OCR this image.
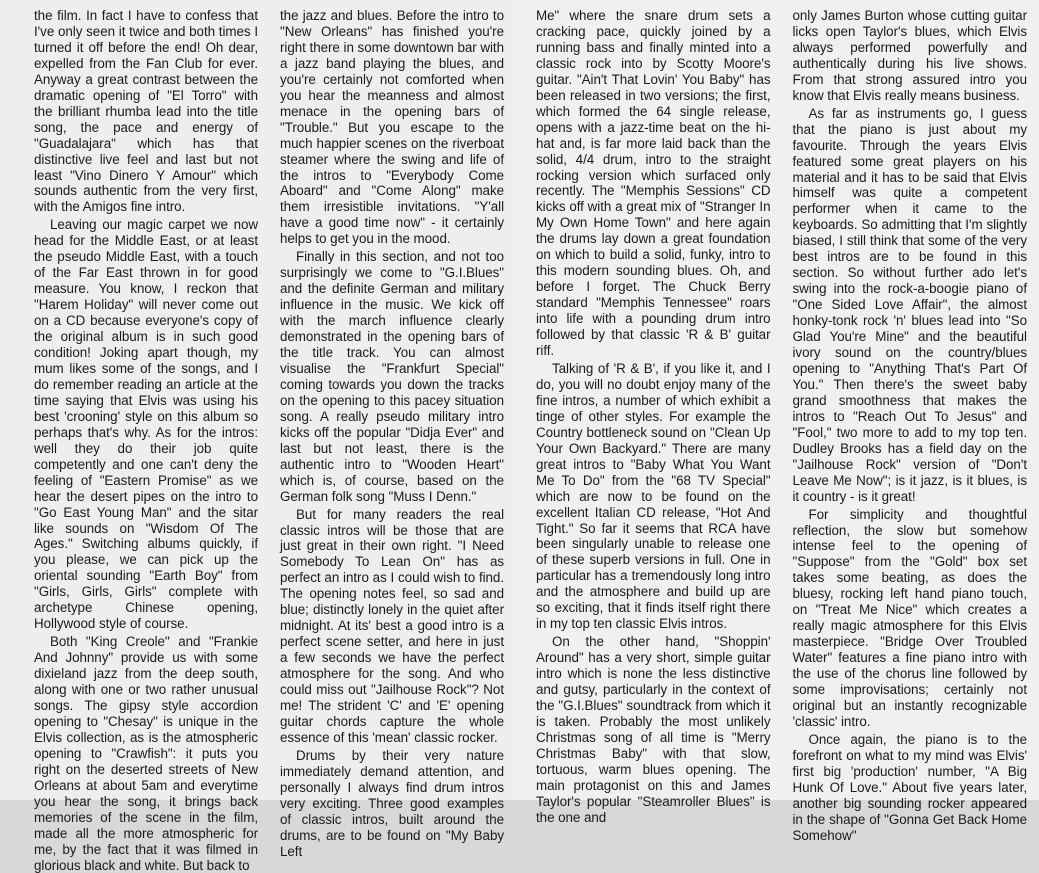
the film. In fact I have to confess that I've only seen it twice and both times I turned it off before the end! Oh dear, expelled from the Fan Club for ever. Anyway a great contrast between the dramatic opening of "El Torro" with the brilliant rhumba lead into the title song, the pace and energy of "Guadalajara" which has that distinctive live feel and last but not least "Vino Dinero Y Amour" which sounds authentic from the very first, with the Amigos fine intro.

Leaving our magic carpet we now head for the Middle East, or at least the pseudo Middle East, with a touch of the Far East thrown in for good measure. You know, I reckon that "Harem Holiday" will never come out on a CD because everyone's copy of the original album is in such good condition! Joking apart though, my mum likes some of the songs, and I do remember reading an article at the time saying that Elvis was using his best 'crooning' style on this album so perhaps that's why. As for the intros: well they do their job quite competently and one can't deny the feeling of "Eastern Promise" as we hear the desert pipes on the intro to "Go East Young Man" and the sitar like sounds on "Wisdom Of The Ages." Switching albums quickly, if you please, we can pick up the oriental sounding "Earth Boy" from "Girls, Girls, Girls" complete with archetype Chinese opening, Hollywood style of course.

Both "King Creole" and "Frankie And Johnny" provide us with some dixieland jazz from the deep south, along with one or two rather unusual songs. The gipsy style accordion opening to "Chesay" is unique in the Elvis collection, as is the atmospheric opening to "Crawfish": it puts you right on the deserted streets of New Orleans at about 5am and everytime you hear the song, it brings back memories of the scene in the film, made all the more atmospheric for me, by the fact that it was filmed in glorious black and white. But back to

the jazz and blues. Before the intro to "New Orleans" has finished you're right there in some downtown bar with a jazz band playing the blues, and you're certainly not comforted when you hear the meanness and almost menace in the opening bars of "Trouble." But you escape to the much happier scenes on the riverboat steamer where the swing and life of the intros to "Everybody Come Aboard" and "Come Along" make them irresistible invitations. "Y'all have a good time now" - it certainly helps to get you in the mood.

Finally in this section, and not too surprisingly we come to "G.I.Blues" and the definite German and military influence in the music. We kick off with the march influence clearly demonstrated in the opening bars of the title track. You can almost visualise the "Frankfurt Special" coming towards you down the tracks on the opening to this pacey situation song. A really pseudo military intro kicks off the popular "Didja Ever" and last but not least, there is the authentic intro to "Wooden Heart" which is, of course, based on the German folk song "Muss I Denn."

But for many readers the real classic intros will be those that are just great in their own right. "I Need Somebody To Lean On" has as perfect an intro as I could wish to find. The opening notes feel, so sad and blue; distinctly lonely in the quiet after midnight. At its' best a good intro is a perfect scene setter, and here in just a few seconds we have the perfect atmosphere for the song. And who could miss out "Jailhouse Rock"? Not me! The strident 'C' and 'E' opening guitar chords capture the whole essence of this 'mean' classic rocker.

Drums by their very nature immediately demand attention, and personally I always find drum intros very exciting. Three good examples of classic intros, built around the drums, are to be found on "My Baby Left

Me" where the snare drum sets a cracking pace, quickly joined by a running bass and finally minted into a classic rock into by Scotty Moore's guitar. "Ain't That Lovin' You Baby" has been released in two versions; the first, which formed the 64 single release, opens with a jazz-time beat on the hi-hat and, is far more laid back than the solid, 4/4 drum, intro to the straight rocking version which surfaced only recently. The "Memphis Sessions" CD kicks off with a great mix of "Stranger In My Own Home Town" and here again the drums lay down a great foundation on which to build a solid, funky, intro to this modern sounding blues. Oh, and before I forget. The Chuck Berry standard "Memphis Tennessee" roars into life with a pounding drum intro followed by that classic 'R & B' guitar riff.

Talking of 'R & B', if you like it, and I do, you will no doubt enjoy many of the fine intros, a number of which exhibit a tinge of other styles. For example the Country bottleneck sound on "Clean Up Your Own Backyard." There are many great intros to "Baby What You Want Me To Do" from the "68 TV Special" which are now to be found on the excellent Italian CD release, "Hot And Tight." So far it seems that RCA have been singularly unable to release one of these superb versions in full. One in particular has a tremendously long intro and the atmosphere and build up are so exciting, that it finds itself right there in my top ten classic Elvis intros.

On the other hand, "Shoppin' Around" has a very short, simple guitar intro which is none the less distinctive and gutsy, particularly in the context of the "G.I.Blues" soundtrack from which it is taken. Probably the most unlikely Christmas song of all time is "Merry Christmas Baby" with that slow, tortuous, warm blues opening. The main protagonist on this and James Taylor's popular "Steamroller Blues" is the one and

only James Burton whose cutting guitar licks open Taylor's blues, which Elvis always performed powerfully and authentically during his live shows. From that strong assured intro you know that Elvis really means business.

As far as instruments go, I guess that the piano is just about my favourite. Through the years Elvis featured some great players on his material and it has to be said that Elvis himself was quite a competent performer when it came to the keyboards. So admitting that I'm slightly biased, I still think that some of the very best intros are to be found in this section. So without further ado let's swing into the rock-a-boogie piano of "One Sided Love Affair", the almost honky-tonk rock 'n' blues lead into "So Glad You're Mine" and the beautiful ivory sound on the country/blues opening to "Anything That's Part Of You." Then there's the sweet baby grand smoothness that makes the intros to "Reach Out To Jesus" and "Fool," two more to add to my top ten. Dudley Brooks has a field day on the "Jailhouse Rock" version of "Don't Leave Me Now"; is it jazz, is it blues, is it country - is it great!

For simplicity and thoughtful reflection, the slow but somehow intense feel to the opening of "Suppose" from the "Gold" box set takes some beating, as does the bluesy, rocking left hand piano touch, on "Treat Me Nice" which creates a really magic atmosphere for this Elvis masterpiece. "Bridge Over Troubled Water" features a fine piano intro with the use of the chorus line followed by some improvisations; certainly not original but an instantly recognizable 'classic' intro.

Once again, the piano is to the forefront on what to my mind was Elvis' first big 'production' number, "A Big Hunk Of Love." About five years later, another big sounding rocker appeared in the shape of "Gonna Get Back Home Somehow"
